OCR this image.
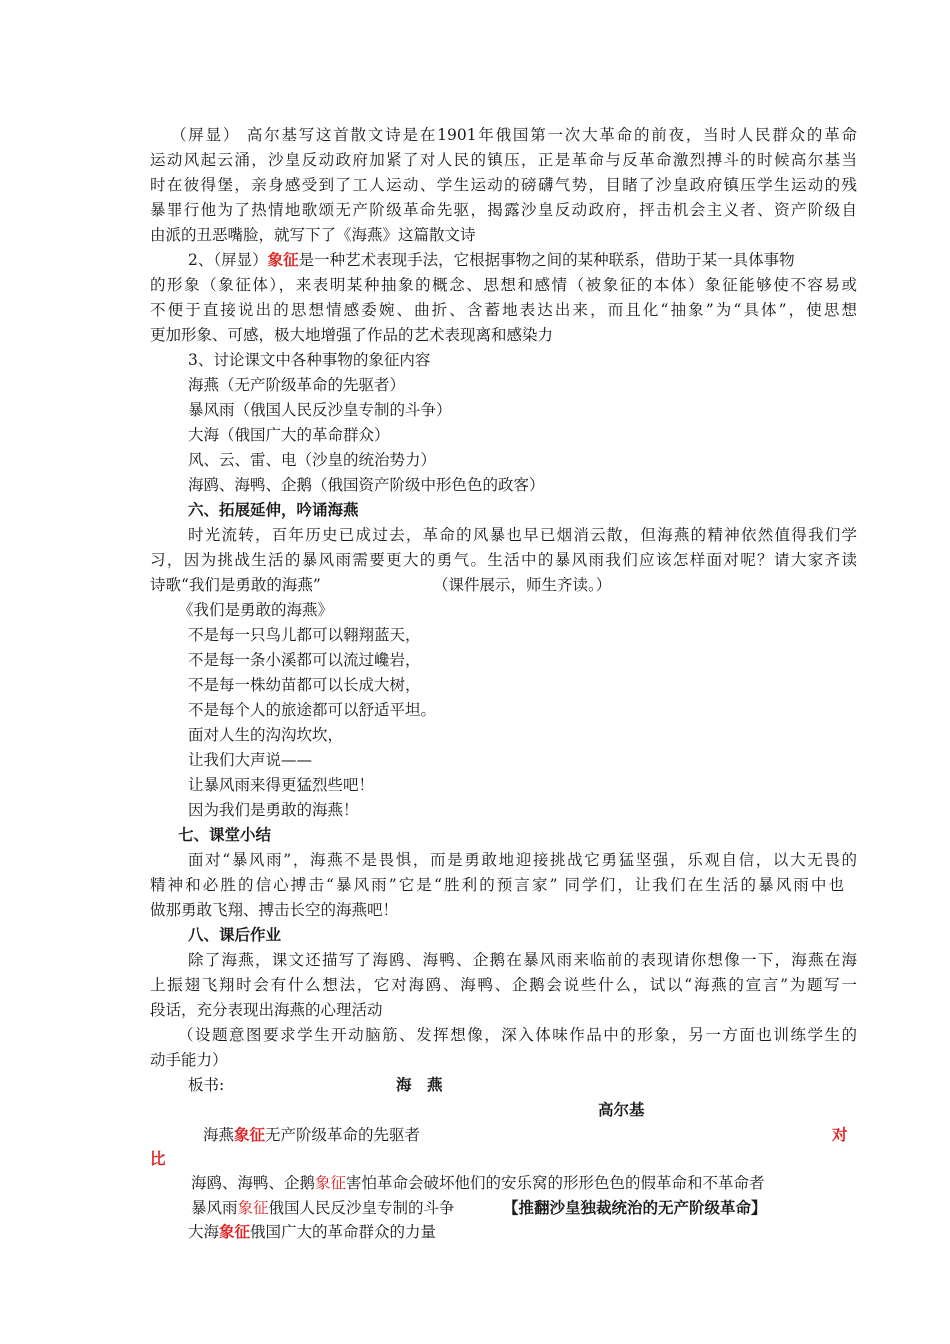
（屏显） 高尔基写这首散文诗是在1901年俄国第一次大革命的前夜，当时人民群众的革命
运动风起云涌，沙皇反动政府加紧了对人民的镇压，正是革命与反革命激烈搏斗的时候高尔基当
时在彼得堡，亲身感受到了工人运动、学生运动的磅礴气势，目睹了沙皇政府镇压学生运动的残
暴罪行他为了热情地歌颂无产阶级革命先驱，揭露沙皇反动政府，抨击机会主义者、资产阶级自
由派的丑恶嘴脸，就写下了《海燕》这篇散文诗
2、（屏显）象征是一种艺术表现手法，它根据事物之间的某种联系，借助于某一具体事物
的形象（象征体），来表明某种抽象的概念、思想和感情（被象征的本体）象征能够使不容易或
不便于直接说出的思想情感委婉、曲折、含蓄地表达出来，而且化“抽象”为“具体”，使思想
更加形象、可感，极大地增强了作品的艺术表现离和感染力
3、讨论课文中各种事物的象征内容
海燕（无产阶级革命的先驱者）
暴风雨（俄国人民反沙皇专制的斗争）
大海（俄国广大的革命群众）
风、云、雷、电（沙皇的统治势力）
海鸥、海鸭、企鹅（俄国资产阶级中形色色的政客）
六、拓展延伸，吟诵海燕
时光流转，百年历史已成过去，革命的风暴也早已烟消云散，但海燕的精神依然值得我们学
习，因为挑战生活的暴风雨需要更大的勇气。生活中的暴风雨我们应该怎样面对呢？请大家齐读
诗歌“我们是勇敢的海燕”	（课件展示，师生齐读。）
《我们是勇敢的海燕》
不是每一只鸟儿都可以翱翔蓝天，
不是每一条小溪都可以流过巉岩，
不是每一株幼苗都可以长成大树，
不是每个人的旅途都可以舒适平坦。
面对人生的沟沟坎坎，
让我们大声说——
让暴风雨来得更猛烈些吧！
因为我们是勇敢的海燕！
七、课堂小结
面对“暴风雨”，海燕不是畏惧，而是勇敢地迎接挑战它勇猛坚强，乐观自信，以大无畏的
精神和必胜的信心搏击“暴风雨”它是“胜利的预言家” 同学们，让我们在生活的暴风雨中也
做那勇敢飞翔、搏击长空的海燕吧！
八、课后作业
除了海燕，课文还描写了海鸥、海鸭、企鹅在暴风雨来临前的表现请你想像一下，海燕在海
上振翅飞翔时会有什么想法，它对海鸥、海鸭、企鹅会说些什么，试以“海燕的宣言”为题写一
段话，充分表现出海燕的心理活动
（设题意图要求学生开动脑筋、发挥想像，深入体味作品中的形象，另一方面也训练学生的
动手能力）
板书:	海　燕
高尔基
海燕象征无产阶级革命的先驱者	对
比
海鸥、海鸭、企鹅象征害怕革命会破坏他们的安乐窝的形形色色的假革命和不革命者
暴风雨象征俄国人民反沙皇专制的斗争	【推翻沙皇独裁统治的无产阶级革命】
大海象征俄国广大的革命群众的力量
